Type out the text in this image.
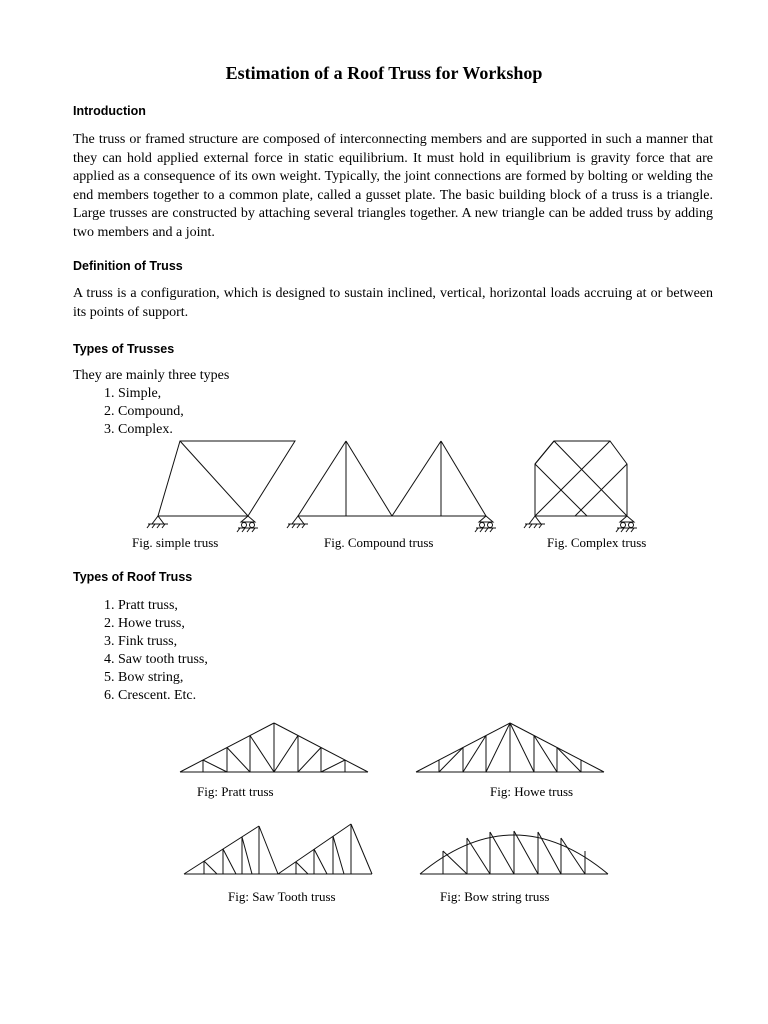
Estimation of a Roof Truss for Workshop
Introduction

The truss or framed structure are composed of interconnecting members and are supported in such a manner that they can hold applied external force in static equilibrium. It must hold in equilibrium is gravity force that are applied as a consequence of its own weight. Typically, the joint connections are formed by bolting or welding the end members together to a common plate, called a gusset plate. The basic building block of a truss is a triangle. Large trusses are constructed by attaching several triangles together. A new triangle can be added truss by adding two members and a joint.

Definition of Truss

A truss is a configuration, which is designed to sustain inclined, vertical, horizontal loads accruing at or between its points of support.

Types of Trusses

They are mainly three types

1. Simple,
2. Compound,
3. Complex.

Fig. simple truss	Fig. Compound truss	Fig. Complex truss

Types of Roof Truss
1. Pratt truss,
2. Howe truss,
3. Fink truss,
4. Saw tooth truss,
5. Bow string,
6. Crescent. Etc.

Fig: Pratt truss	Fig: Howe truss

Fig: Saw Tooth truss	Fig: Bow string truss
